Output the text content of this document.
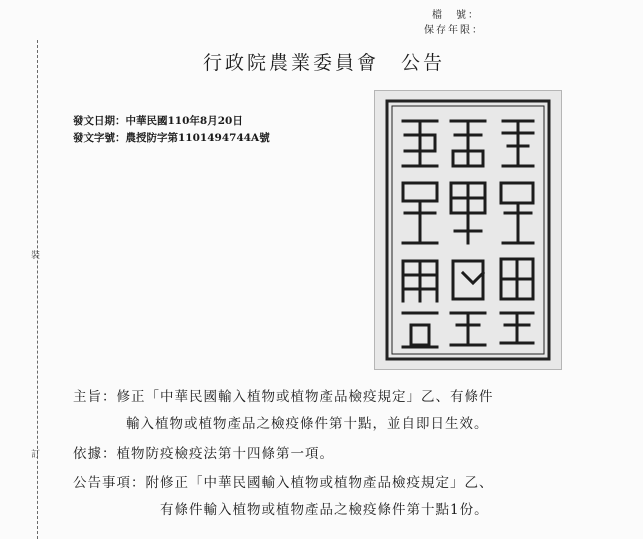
裝
訂
檔　號：
保存年限：
行政院農業委員會 公告
發文日期：中華民國110年8月20日
發文字號：農授防字第1101494744A號
主旨：修正「中華民國輸入植物或植物產品檢疫規定」乙、有條件
輸入植物或植物產品之檢疫條件第十點，並自即日生效。
依據：植物防疫檢疫法第十四條第一項。
公告事項：附修正「中華民國輸入植物或植物產品檢疫規定」乙、
有條件輸入植物或植物產品之檢疫條件第十點1份。
